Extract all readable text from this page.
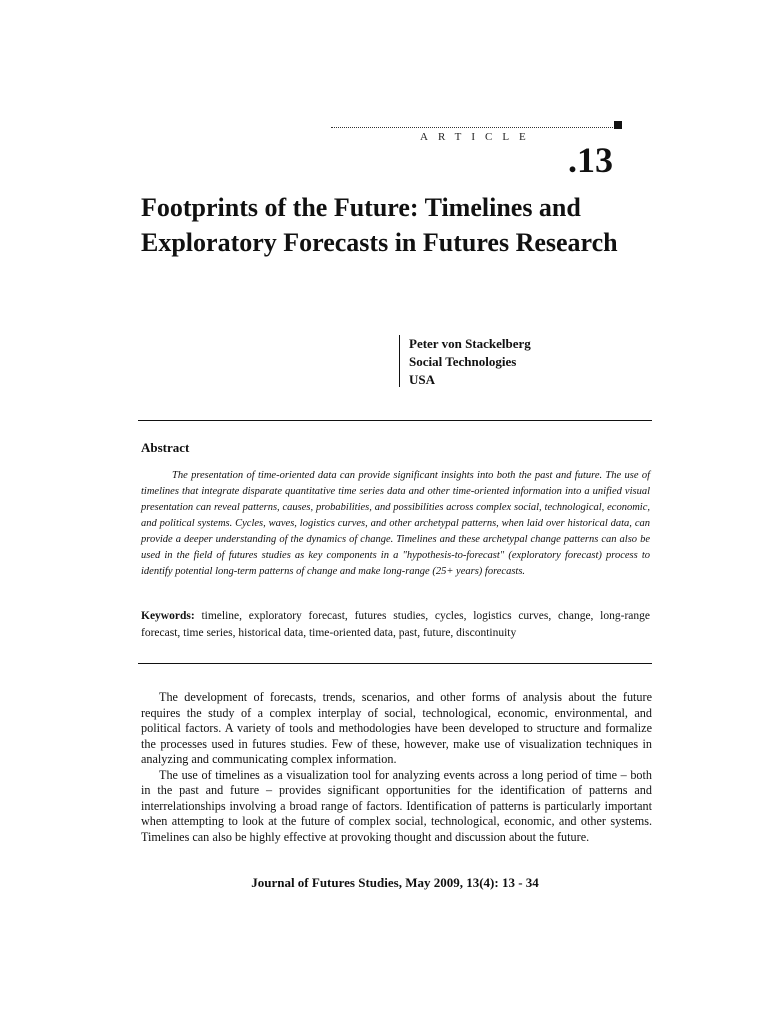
ARTICLE
.13
Footprints of the Future: Timelines and Exploratory Forecasts in Futures Research
Peter von Stackelberg
Social Technologies
USA
Abstract

The presentation of time-oriented data can provide significant insights into both the past and future. The use of timelines that integrate disparate quantitative time series data and other time-oriented information into a unified visual presentation can reveal patterns, causes, probabilities, and possibilities across complex social, technological, economic, and political systems. Cycles, waves, logistics curves, and other archetypal patterns, when laid over historical data, can provide a deeper understanding of the dynamics of change. Timelines and these archetypal change patterns can also be used in the field of futures studies as key components in a "hypothesis-to-forecast" (exploratory forecast) process to identify potential long-term patterns of change and make long-range (25+ years) forecasts.

Keywords: timeline, exploratory forecast, futures studies, cycles, logistics curves, change, long-range forecast, time series, historical data, time-oriented data, past, future, discontinuity

The development of forecasts, trends, scenarios, and other forms of analysis about the future requires the study of a complex interplay of social, technological, economic, environmental, and political factors. A variety of tools and methodologies have been developed to structure and formalize the processes used in futures studies. Few of these, however, make use of visualization techniques in analyzing and communicating complex information.

The use of timelines as a visualization tool for analyzing events across a long period of time – both in the past and future – provides significant opportunities for the identification of patterns and interrelationships involving a broad range of factors. Identification of patterns is particularly important when attempting to look at the future of complex social, technological, economic, and other systems. Timelines can also be highly effective at provoking thought and discussion about the future.

Journal of Futures Studies, May 2009, 13(4): 13 - 34
